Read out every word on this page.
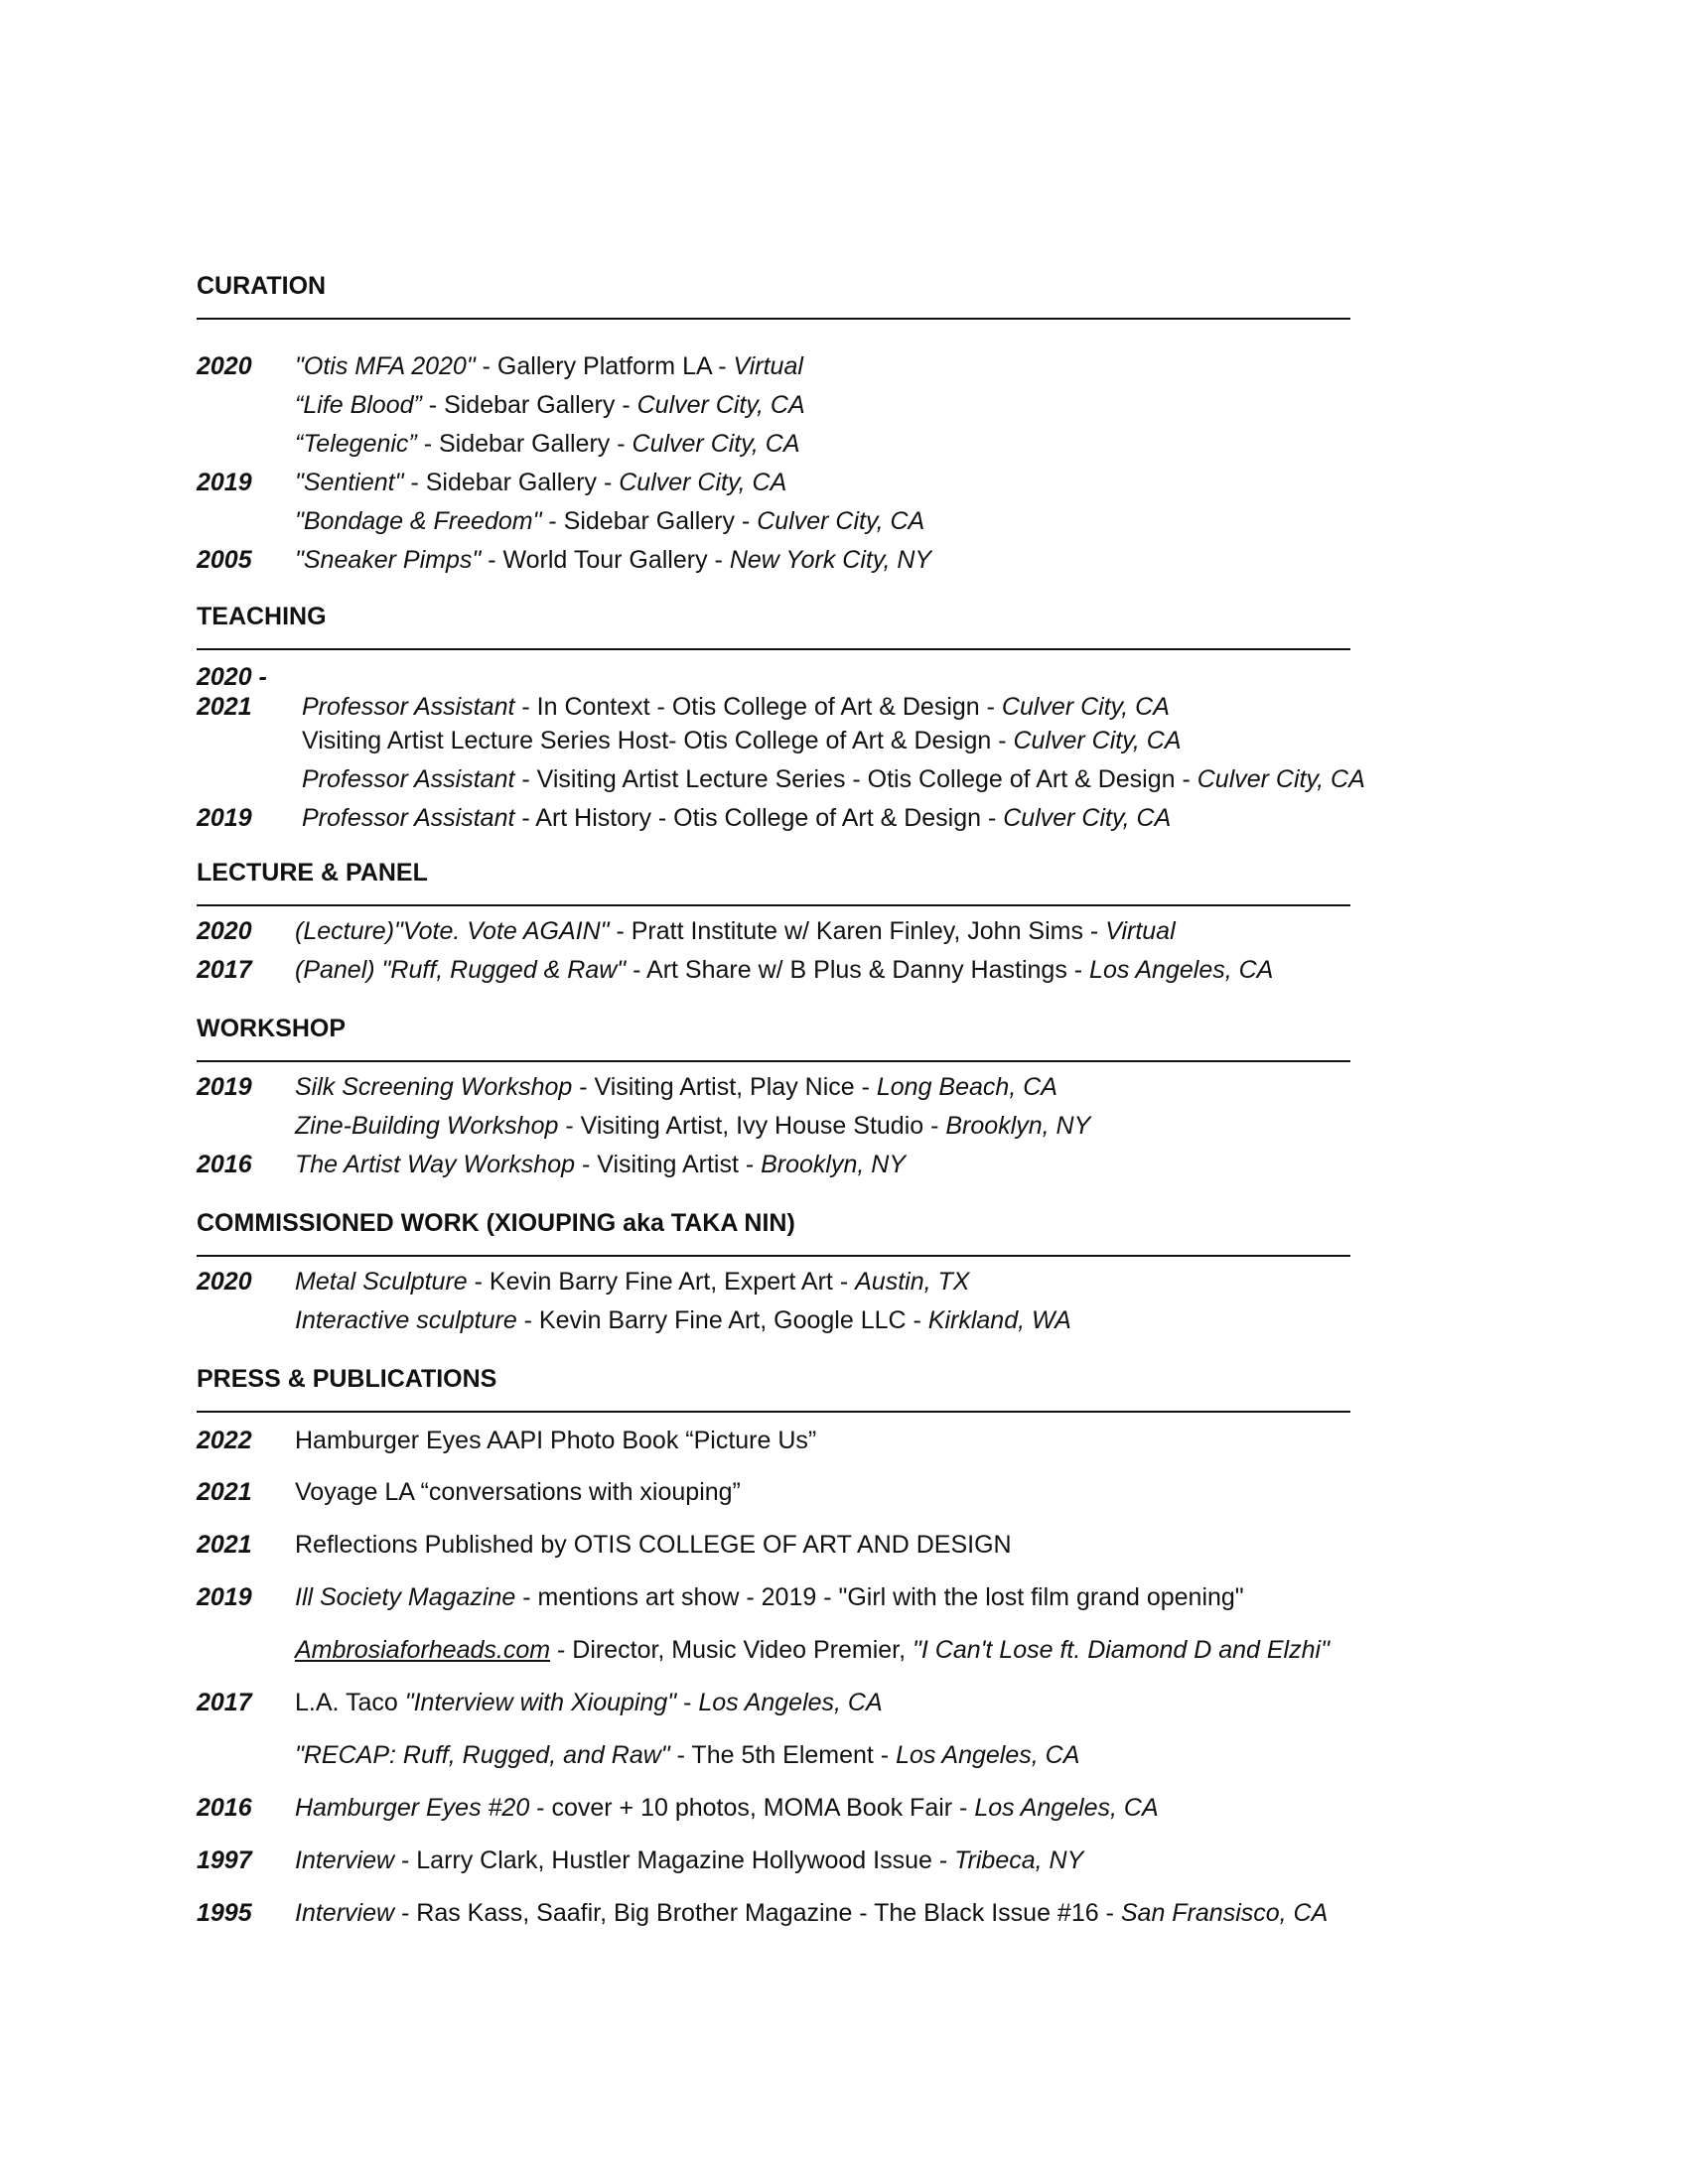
CURATION
2020	"Otis MFA 2020" - Gallery Platform LA - Virtual
“Life Blood” - Sidebar Gallery - Culver City, CA
“Telegenic” - Sidebar Gallery - Culver City, CA
2019	"Sentient" - Sidebar Gallery - Culver City, CA
"Bondage & Freedom" - Sidebar Gallery - Culver City, CA
2005	"Sneaker Pimps" - World Tour Gallery - New York City, NY
TEACHING
2020 -
2021	Professor Assistant - In Context - Otis College of Art & Design - Culver City, CA
Visiting Artist Lecture Series Host- Otis College of Art & Design - Culver City, CA
Professor Assistant - Visiting Artist Lecture Series - Otis College of Art & Design - Culver City, CA
2019	Professor Assistant - Art History - Otis College of Art & Design - Culver City, CA
LECTURE & PANEL
2020	(Lecture)"Vote. Vote AGAIN" - Pratt Institute w/ Karen Finley, John Sims - Virtual
2017	(Panel) "Ruff, Rugged & Raw" - Art Share w/ B Plus & Danny Hastings - Los Angeles, CA
WORKSHOP
2019	Silk Screening Workshop - Visiting Artist, Play Nice - Long Beach, CA
Zine-Building Workshop - Visiting Artist, Ivy House Studio - Brooklyn, NY
2016	The Artist Way Workshop - Visiting Artist - Brooklyn, NY
COMMISSIONED WORK (XIOUPING aka TAKA NIN)
2020	Metal Sculpture - Kevin Barry Fine Art, Expert Art - Austin, TX
Interactive sculpture - Kevin Barry Fine Art, Google LLC - Kirkland, WA
PRESS & PUBLICATIONS
2022	Hamburger Eyes AAPI Photo Book “Picture Us”
2021	Voyage LA “conversations with xiouping”
2021	Reflections Published by OTIS COLLEGE OF ART AND DESIGN
2019	Ill Society Magazine - mentions art show - 2019 - "Girl with the lost film grand opening"
Ambrosiaforheads.com - Director, Music Video Premier, "I Can't Lose ft. Diamond D and Elzhi"
2017	L.A. Taco "Interview with Xiouping" - Los Angeles, CA
"RECAP: Ruff, Rugged, and Raw" - The 5th Element - Los Angeles, CA
2016	Hamburger Eyes #20 - cover + 10 photos, MOMA Book Fair - Los Angeles, CA
1997	Interview - Larry Clark, Hustler Magazine Hollywood Issue - Tribeca, NY
1995	Interview - Ras Kass, Saafir, Big Brother Magazine - The Black Issue #16 - San Fransisco, CA
